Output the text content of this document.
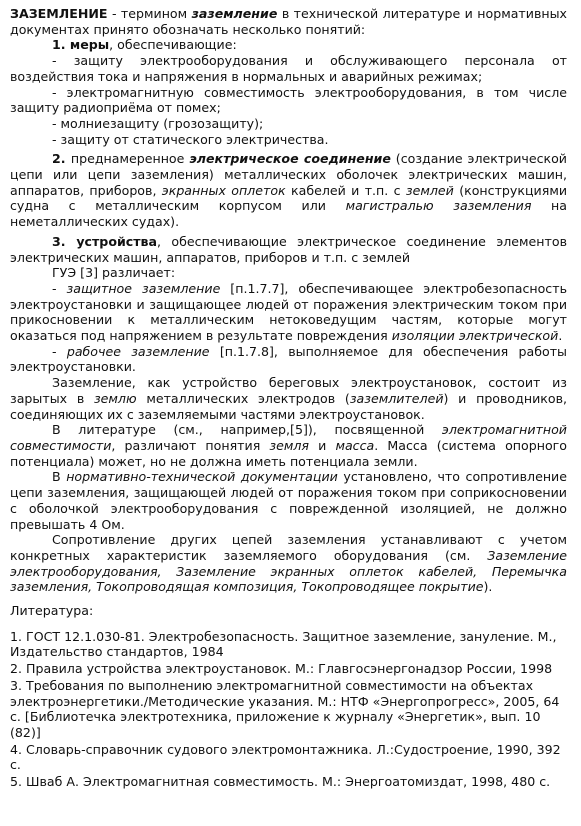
ЗАЗЕМЛЕНИЕ - термином заземление в технической литературе и нормативных документах принято обозначать несколько понятий:

1. меры, обеспечивающие:

- защиту электрооборудования и обслуживающего персонала от воздействия тока и напряжения в нормальных и аварийных режимах;

- электромагнитную совместимость электрооборудования, в том числе защиту радиоприёма от помех;

- молниезащиту (грозозащиту);

- защиту от статического электричества.

2. преднамеренное электрическое соединение (создание электрической цепи или цепи заземления) металлических оболочек электрических машин, аппаратов, приборов, экранных оплеток кабелей и т.п. с землей (конструкциями судна с металлическим корпусом или магистралью заземления на неметаллических судах).

3. устройства, обеспечивающие электрическое соединение элементов электрических машин, аппаратов, приборов и т.п. с землей

ГУЭ [3] различает:

- защитное заземление [п.1.7.7], обеспечивающее электробезопасность электроустановки и защищающее людей от поражения электрическим током при прикосновении к металлическим нетоковедущим частям, которые могут оказаться под напряжением в результате повреждения изоляции электрической.

- рабочее заземление [п.1.7.8], выполняемое для обеспечения работы электроустановки.

Заземление, как устройство береговых электроустановок, состоит из зарытых в землю металлических электродов (заземлителей) и проводников, соединяющих их с заземляемыми частями электроустановок.

В литературе (см., например,[5]), посвященной электромагнитной совместимости, различают понятия земля и масса. Масса (система опорного потенциала) может, но не должна иметь потенциала земли.

В нормативно-технической документации установлено, что сопротивление цепи заземления, защищающей людей от поражения током при соприкосновении с оболочкой электрооборудования с поврежденной изоляцией, не должно превышать 4 Ом.

Сопротивление других цепей заземления устанавливают с учетом конкретных характеристик заземляемого оборудования (см. Заземление электрооборудования, Заземление экранных оплеток кабелей, Перемычка заземления, Токопроводящая композиция, Токопроводящее покрытие).

Литература:

1. ГОСТ 12.1.030-81. Электробезопасность. Защитное заземление, зануление. М., Издательство стандартов, 1984

2. Правила устройства электроустановок. М.: Главгосэнергонадзор России, 1998

3. Требования по выполнению электромагнитной совместимости на объектах электроэнергетики./Методические указания. М.: НТФ «Энергопрогресс», 2005, 64 с. [Библиотечка электротехника, приложение к журналу «Энергетик», вып. 10 (82)]

4. Словарь-справочник судового электромонтажника. Л.:Судостроение, 1990, 392 с.

5. Шваб А. Электромагнитная совместимость. М.: Энергоатомиздат, 1998, 480 с.
